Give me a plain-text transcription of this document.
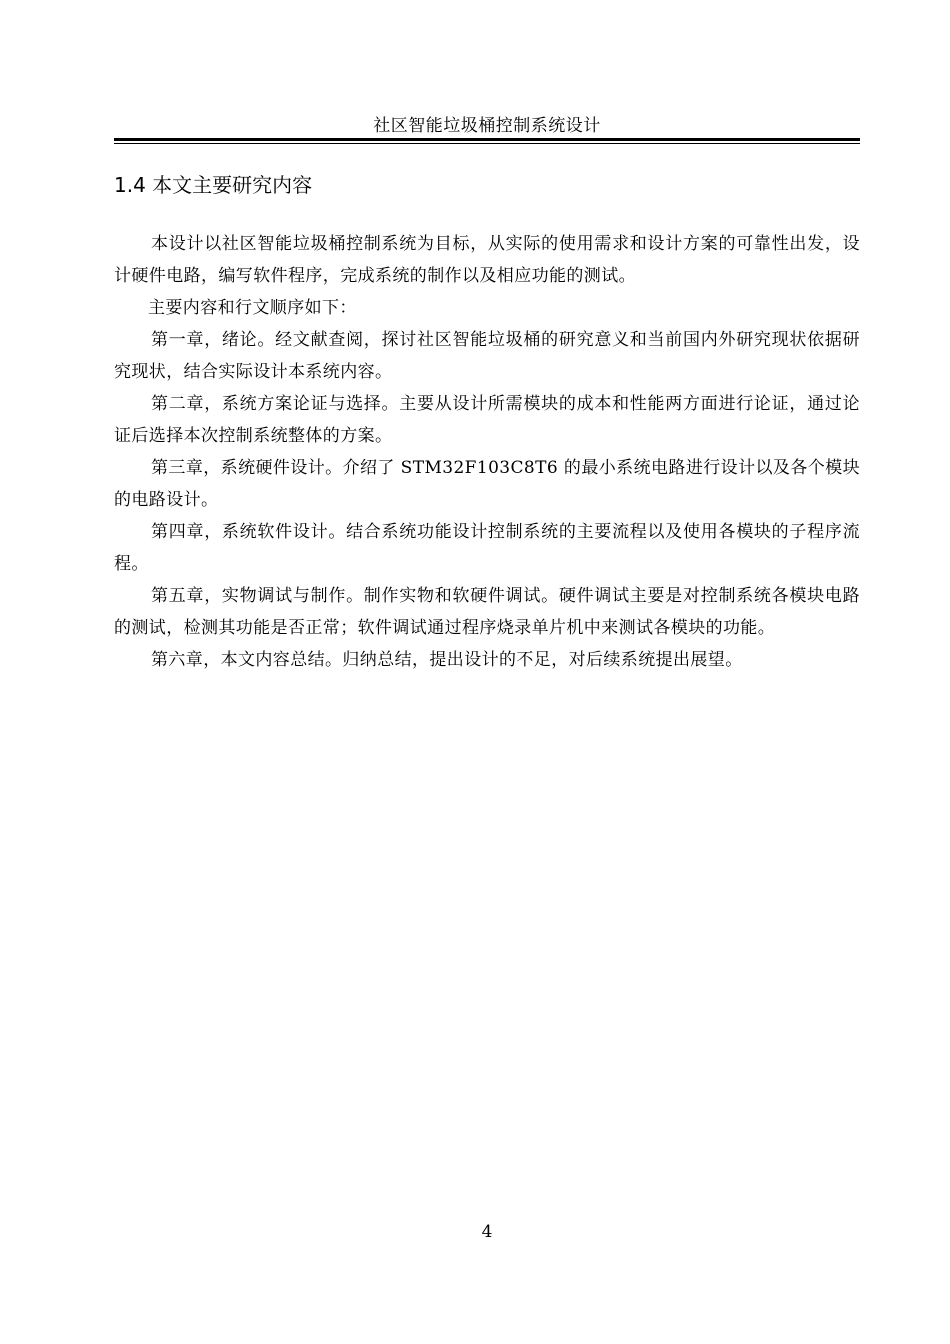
社区智能垃圾桶控制系统设计
1.4 本文主要研究内容

本设计以社区智能垃圾桶控制系统为目标，从实际的使用需求和设计方案的可靠性出发，设计硬件电路，编写软件程序，完成系统的制作以及相应功能的测试。

主要内容和行文顺序如下：

第一章，绪论。经文献查阅，探讨社区智能垃圾桶的研究意义和当前国内外研究现状依据研究现状，结合实际设计本系统内容。

第二章，系统方案论证与选择。主要从设计所需模块的成本和性能两方面进行论证，通过论证后选择本次控制系统整体的方案。

第三章，系统硬件设计。介绍了 STM32F103C8T6 的最小系统电路进行设计以及各个模块的电路设计。

第四章，系统软件设计。结合系统功能设计控制系统的主要流程以及使用各模块的子程序流程。

第五章，实物调试与制作。制作实物和软硬件调试。硬件调试主要是对控制系统各模块电路的测试，检测其功能是否正常；软件调试通过程序烧录单片机中来测试各模块的功能。

第六章，本文内容总结。归纳总结，提出设计的不足，对后续系统提出展望。

4
